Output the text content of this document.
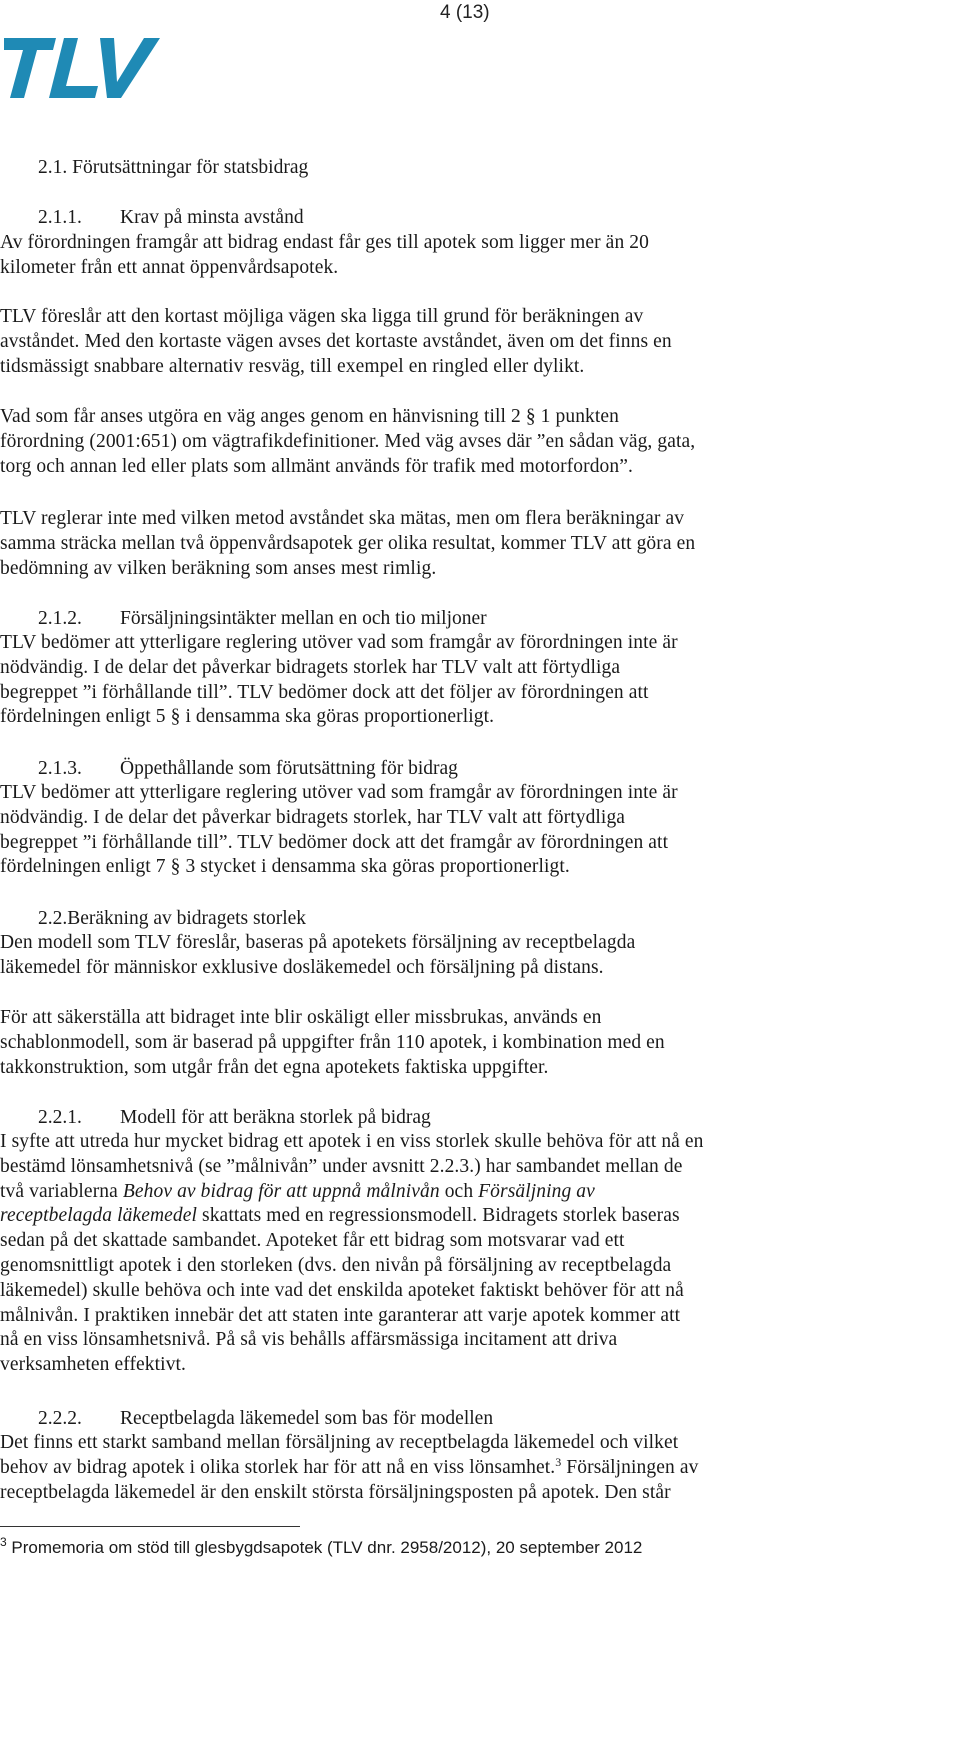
4 (13)
2.1. Förutsättningar för statsbidrag
2.1.1. Krav på minsta avstånd
2.1.2. Försäljningsintäkter mellan en och tio miljoner
2.1.3. Öppethållande som förutsättning för bidrag
2.2.Beräkning av bidragets storlek
2.2.1. Modell för att beräkna storlek på bidrag
2.2.2. Receptbelagda läkemedel som bas för modellen
Av förordningen framgår att bidrag endast får ges till apotek som ligger mer än 20
kilometer från ett annat öppenvårdsapotek.
TLV föreslår att den kortast möjliga vägen ska ligga till grund för beräkningen av
avståndet. Med den kortaste vägen avses det kortaste avståndet, även om det finns en
tidsmässigt snabbare alternativ resväg, till exempel en ringled eller dylikt.
Vad som får anses utgöra en väg anges genom en hänvisning till 2 § 1 punkten
förordning (2001:651) om vägtrafikdefinitioner. Med väg avses där ”en sådan väg, gata,
torg och annan led eller plats som allmänt används för trafik med motorfordon”.
TLV reglerar inte med vilken metod avståndet ska mätas, men om flera beräkningar av
samma sträcka mellan två öppenvårdsapotek ger olika resultat, kommer TLV att göra en
bedömning av vilken beräkning som anses mest rimlig.
TLV bedömer att ytterligare reglering utöver vad som framgår av förordningen inte är
nödvändig. I de delar det påverkar bidragets storlek har TLV valt att förtydliga
begreppet ”i förhållande till”. TLV bedömer dock att det följer av förordningen att
fördelningen enligt 5 § i densamma ska göras proportionerligt.
TLV bedömer att ytterligare reglering utöver vad som framgår av förordningen inte är
nödvändig. I de delar det påverkar bidragets storlek, har TLV valt att förtydliga
begreppet ”i förhållande till”. TLV bedömer dock att det framgår av förordningen att
fördelningen enligt 7 § 3 stycket i densamma ska göras proportionerligt.
Den modell som TLV föreslår, baseras på apotekets försäljning av receptbelagda
läkemedel för människor exklusive dosläkemedel och försäljning på distans.
För att säkerställa att bidraget inte blir oskäligt eller missbrukas, används en
schablonmodell, som är baserad på uppgifter från 110 apotek, i kombination med en
takkonstruktion, som utgår från det egna apotekets faktiska uppgifter.
I syfte att utreda hur mycket bidrag ett apotek i en viss storlek skulle behöva för att nå en
bestämd lönsamhetsnivå (se ”målnivån” under avsnitt 2.2.3.) har sambandet mellan de
två variablerna Behov av bidrag för att uppnå målnivån och Försäljning av
receptbelagda läkemedel skattats med en regressionsmodell. Bidragets storlek baseras
sedan på det skattade sambandet. Apoteket får ett bidrag som motsvarar vad ett
genomsnittligt apotek i den storleken (dvs. den nivån på försäljning av receptbelagda
läkemedel) skulle behöva och inte vad det enskilda apoteket faktiskt behöver för att nå
målnivån. I praktiken innebär det att staten inte garanterar att varje apotek kommer att
nå en viss lönsamhetsnivå. På så vis behålls affärsmässiga incitament att driva
verksamheten effektivt.
Det finns ett starkt samband mellan försäljning av receptbelagda läkemedel och vilket
behov av bidrag apotek i olika storlek har för att nå en viss lönsamhet.$^3$ Försäljningen av
receptbelagda läkemedel är den enskilt största försäljningsposten på apotek. Den står
$^3$ Promemoria om stöd till glesbygdsapotek (TLV dnr. 2958/2012), 20 september 2012
